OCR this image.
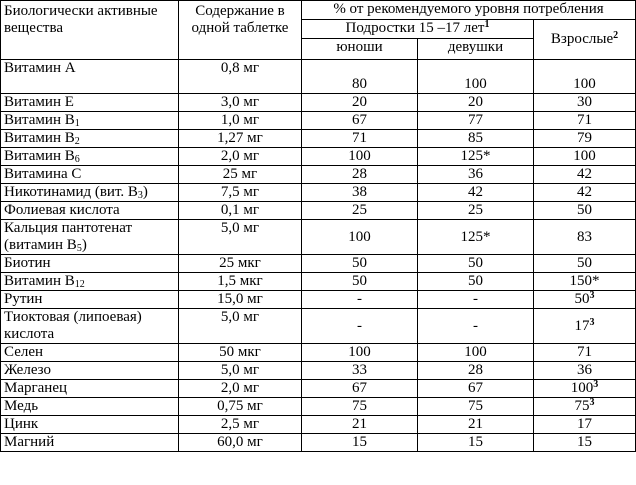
Биологически активные вещества	Содержание в одной таблетке	% от рекомендуемого уровня потребления		
		Подростки 15 –17 лет$^1$		Взрослые$^2$
		юноши	девушки	
Витамин А	0,8 мг	80	100	100
Витамин Е	3,0 мг	20	20	30
Витамин $В_1$	1,0 мг	67	77	71
Витамин $В_2$	1,27 мг	71	85	79
Витамин $В_6$	2,0 мг	100	125*	100
Витамина С	25 мг	28	36	42
Никотинамид (вит. $В_3$)	7,5 мг	38	42	42
Фолиевая кислота	0,1 мг	25	25	50
Кальция пантотенат (витамин $В_5$)	5,0 мг	100	125*	83
Биотин	25 мкг	50	50	50
Витамин $В_{12}$	1,5 мкг	50	50	150*
Рутин	15,0 мг	-	-	$50^3$
Тиоктовая (липоевая) кислота	5,0 мг	-	-	$17^3$
Селен	50 мкг	100	100	71
Железо	5,0 мг	33	28	36
Марганец	2,0 мг	67	67	$100^3$
Медь	0,75 мг	75	75	$75^3$
Цинк	2,5 мг	21	21	17
Магний	60,0 мг	15	15	15
